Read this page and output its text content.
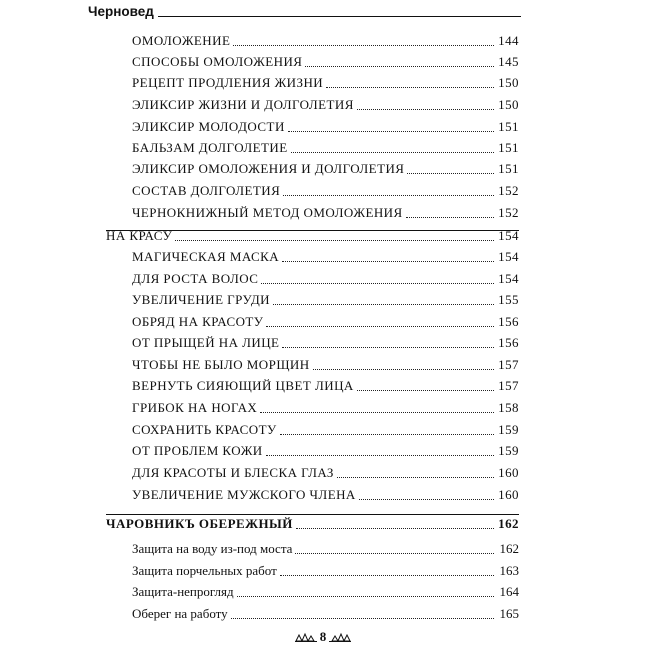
Черновед
ОМОЛОЖЕНИЕ	144
СПОСОБЫ ОМОЛОЖЕНИЯ	145
РЕЦЕПТ ПРОДЛЕНИЯ ЖИЗНИ	150
ЭЛИКСИР ЖИЗНИ И ДОЛГОЛЕТИЯ	150
ЭЛИКСИР МОЛОДОСТИ	151
БАЛЬЗАМ ДОЛГОЛЕТИЕ	151
ЭЛИКСИР ОМОЛОЖЕНИЯ И ДОЛГОЛЕТИЯ	151
СОСТАВ ДОЛГОЛЕТИЯ	152
ЧЕРНОКНИЖНЫЙ МЕТОД ОМОЛОЖЕНИЯ	152
НА КРАСУ	154
МАГИЧЕСКАЯ МАСКА	154
ДЛЯ РОСТА ВОЛОС	154
УВЕЛИЧЕНИЕ ГРУДИ	155
ОБРЯД НА КРАСОТУ	156
ОТ ПРЫЩЕЙ НА ЛИЦЕ	156
ЧТОБЫ НЕ БЫЛО МОРЩИН	157
ВЕРНУТЬ СИЯЮЩИЙ ЦВЕТ ЛИЦА	157
ГРИБОК НА НОГАХ	158
СОХРАНИТЬ КРАСОТУ	159
ОТ ПРОБЛЕМ КОЖИ	159
ДЛЯ КРАСОТЫ И БЛЕСКА ГЛАЗ	160
УВЕЛИЧЕНИЕ МУЖСКОГО ЧЛЕНА	160
ЧАРОВНИКЪ ОБЕРЕЖНЫЙ	162
Защита на воду из-под моста	162
Защита порчельных работ	163
Защита-непрогляд	164
Оберег на работу	165
8
